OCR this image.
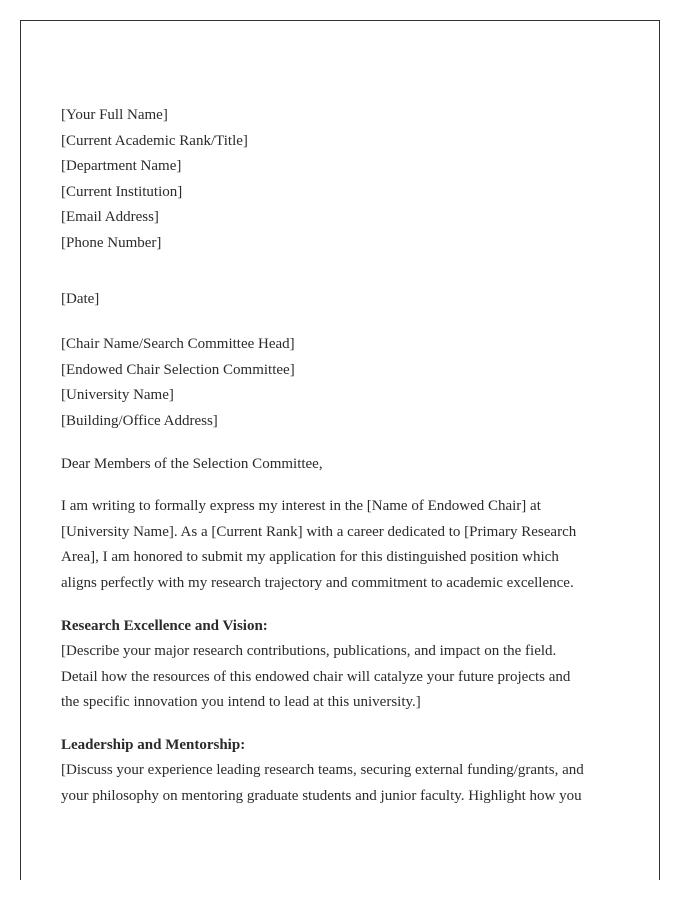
[Your Full Name]
[Current Academic Rank/Title]
[Department Name]
[Current Institution]
[Email Address]
[Phone Number]
[Date]
[Chair Name/Search Committee Head]
[Endowed Chair Selection Committee]
[University Name]
[Building/Office Address]
Dear Members of the Selection Committee,
I am writing to formally express my interest in the [Name of Endowed Chair] at
[University Name]. As a [Current Rank] with a career dedicated to [Primary Research
Area], I am honored to submit my application for this distinguished position which
aligns perfectly with my research trajectory and commitment to academic excellence.
Research Excellence and Vision:
[Describe your major research contributions, publications, and impact on the field.
Detail how the resources of this endowed chair will catalyze your future projects and
the specific innovation you intend to lead at this university.]
Leadership and Mentorship:
[Discuss your experience leading research teams, securing external funding/grants, and
your philosophy on mentoring graduate students and junior faculty. Highlight how you
